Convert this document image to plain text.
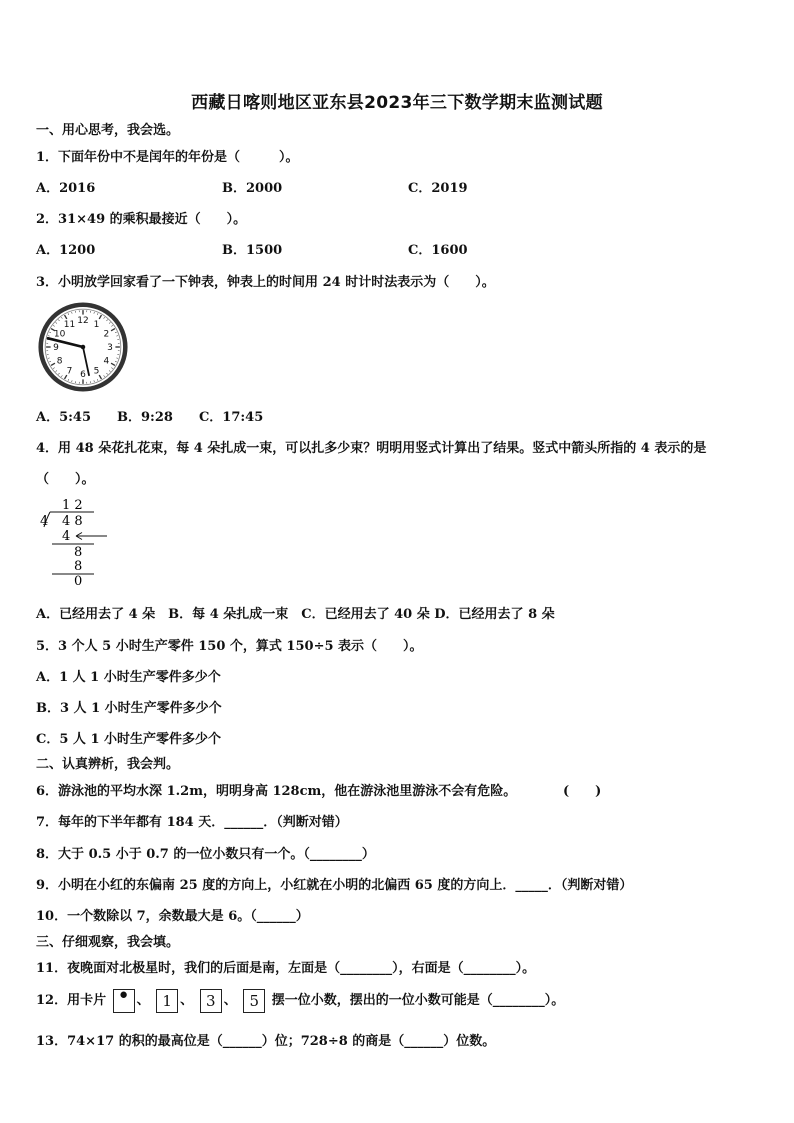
西藏日喀则地区亚东县2023年三下数学期末监测试题
一、用心思考，我会选。
1．下面年份中不是闰年的年份是（　　　）。
A．2016	B．2000	C．2019
2．31×49 的乘积最接近（　　）。
A．1200	B．1500	C．1600
3．小明放学回家看了一下钟表，钟表上的时间用 24 时计时法表示为（　　）。
12 1
2
3
4
5
6
7
8
9
10
11
A．5:45　　B．9:28　　C．17:45
4．用 48 朵花扎花束，每 4 朵扎成一束，可以扎多少束？明明用竖式计算出了结果。竖式中箭头所指的 4 表示的是
（　　）。
1 2
4 4 8
4
8
8
0
A．已经用去了 4 朵　B．每 4 朵扎成一束　C．已经用去了 40 朵 D．已经用去了 8 朵
5．3 个人 5 小时生产零件 150 个，算式 150÷5 表示（　　）。
A．1 人 1 小时生产零件多少个
B．3 人 1 小时生产零件多少个
C．5 人 1 小时生产零件多少个
二、认真辨析，我会判。
6．游泳池的平均水深 1.2m，明明身高 128cm，他在游泳池里游泳不会有危险。	(　　)
7．每年的下半年都有 184 天．______．（判断对错）
8．大于 0.5 小于 0.7 的一位小数只有一个。（________）
9．小明在小红的东偏南 25 度的方向上，小红就在小明的北偏西 65 度的方向上．_____．（判断对错）
10．一个数除以 7，余数最大是 6。（______）
三、仔细观察，我会填。
11．夜晚面对北极星时，我们的后面是南，左面是（________），右面是（________）。
12．用卡片 • 、 1 、 3 、 5 摆一位小数，摆出的一位小数可能是（________）。
13．74×17 的积的最高位是（______）位；728÷8 的商是（______）位数。
